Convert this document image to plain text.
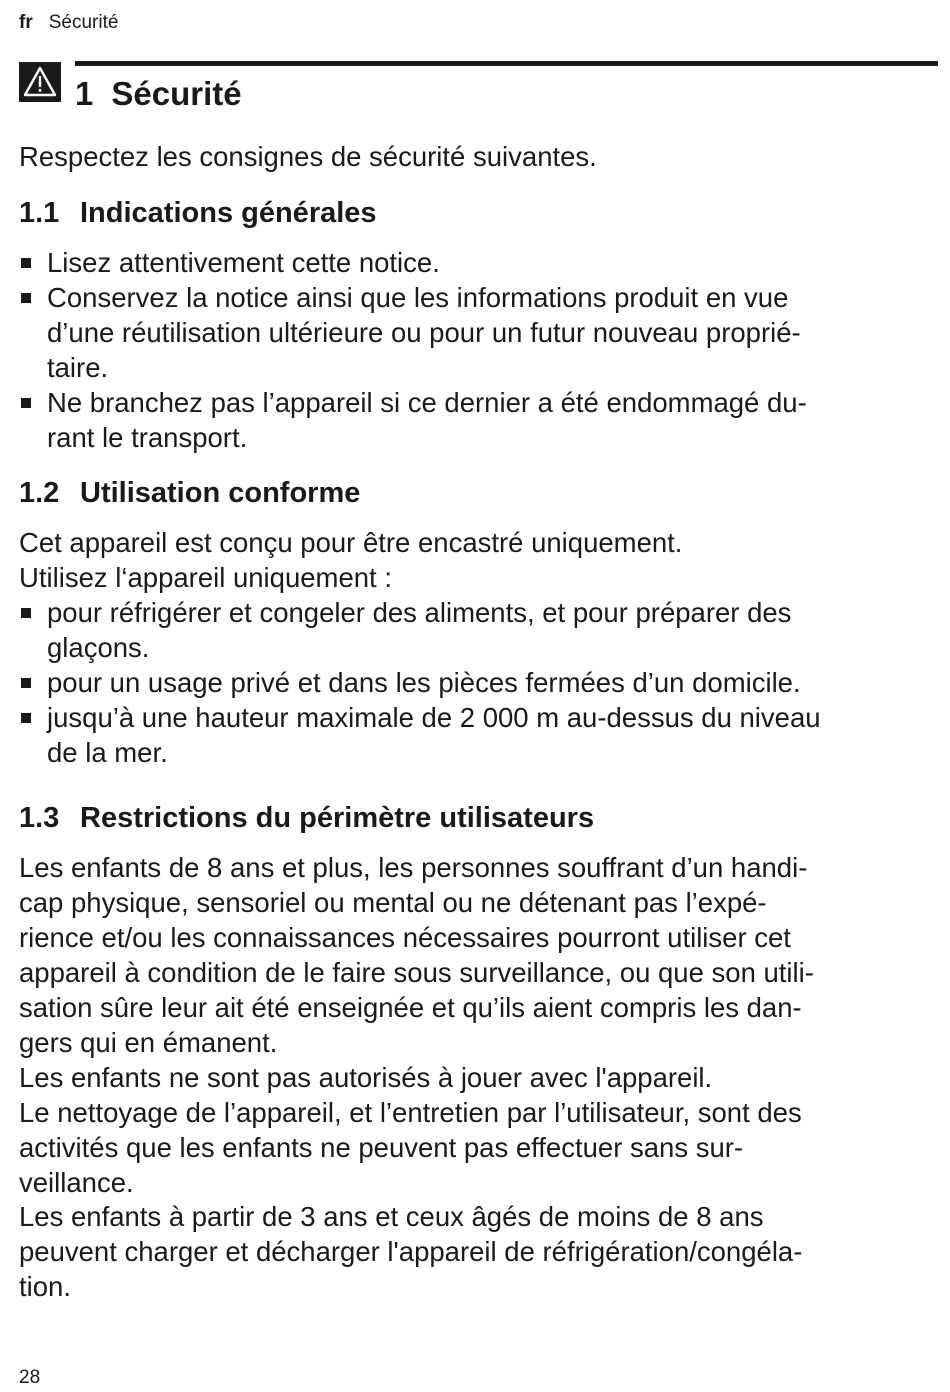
fr Sécurité
1 Sécurité

Respectez les consignes de sécurité suivantes.

1.1 Indications générales
Lisez attentivement cette notice.
Conservez la notice ainsi que les informations produit en vue
d’une réutilisation ultérieure ou pour un futur nouveau proprié-
taire.
Ne branchez pas l’appareil si ce dernier a été endommagé du-
rant le transport.
1.2 Utilisation conforme

Cet appareil est conçu pour être encastré uniquement.

Utilisez l‘appareil uniquement :

pour réfrigérer et congeler des aliments, et pour préparer des
glaçons.
pour un usage privé et dans les pièces fermées d’un domicile.
jusqu’à une hauteur maximale de 2 000 m au-dessus du niveau
de la mer.
1.3 Restrictions du périmètre utilisateurs

Les enfants de 8 ans et plus, les personnes souffrant d’un handi-
cap physique, sensoriel ou mental ou ne détenant pas l’expé-
rience et/ou les connaissances nécessaires pourront utiliser cet
appareil à condition de le faire sous surveillance, ou que son utili-
sation sûre leur ait été enseignée et qu’ils aient compris les dan-
gers qui en émanent.

Les enfants ne sont pas autorisés à jouer avec l'appareil.

Le nettoyage de l’appareil, et l’entretien par l’utilisateur, sont des
activités que les enfants ne peuvent pas effectuer sans sur-
veillance.

Les enfants à partir de 3 ans et ceux âgés de moins de 8 ans
peuvent charger et décharger l'appareil de réfrigération/congéla-
tion.

28
